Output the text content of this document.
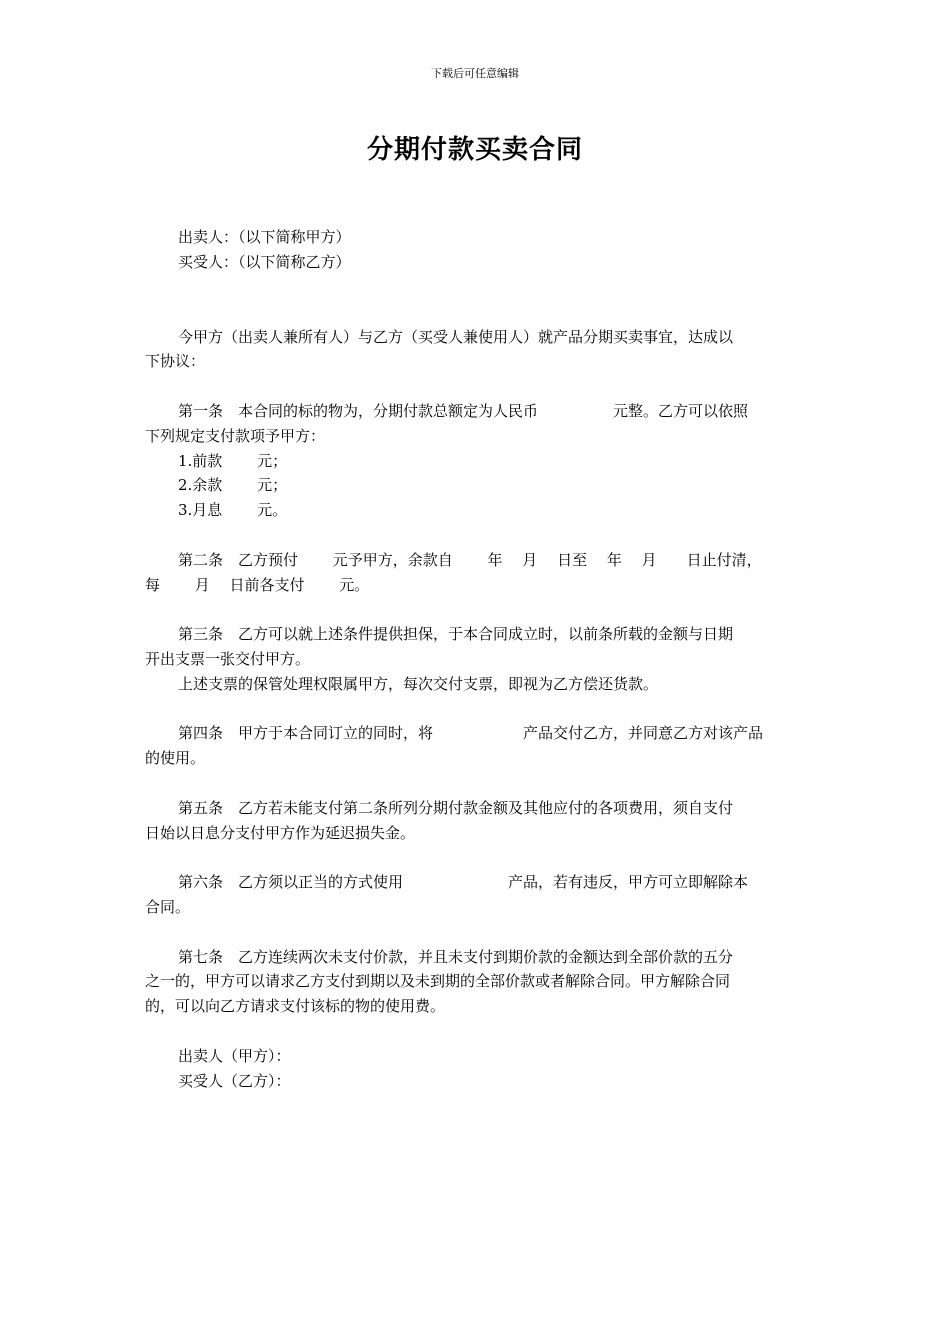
下载后可任意编辑
分期付款买卖合同
出卖人：（以下简称甲方）
买受人：（以下简称乙方）
今甲方（出卖人兼所有人）与乙方（买受人兼使用人）就产品分期买卖事宜，达成以
下协议：
第一条　本合同的标的物为，分期付款总额定为人民币　　　　　元整。乙方可以依照
下列规定支付款项予甲方：
1.前款　　 元；
2.余款　　 元；
3.月息　　 元。
第二条　乙方预付　　 元予甲方，余款自　　 年　 月　 日至　 年　 月　　日止付清，
每　　 月　 日前各支付　　 元。
第三条　乙方可以就上述条件提供担保，于本合同成立时，以前条所载的金额与日期
开出支票一张交付甲方。
上述支票的保管处理权限属甲方，每次交付支票，即视为乙方偿还货款。
第四条　甲方于本合同订立的同时，将　　　　　　产品交付乙方，并同意乙方对该产品
的使用。
第五条　乙方若未能支付第二条所列分期付款金额及其他应付的各项费用，须自支付
日始以日息分支付甲方作为延迟损失金。
第六条　乙方须以正当的方式使用　　　　　　　产品，若有违反，甲方可立即解除本
合同。
第七条　乙方连续两次未支付价款，并且未支付到期价款的金额达到全部价款的五分
之一的，甲方可以请求乙方支付到期以及未到期的全部价款或者解除合同。甲方解除合同
的，可以向乙方请求支付该标的物的使用费。
出卖人（甲方）：
买受人（乙方）：
